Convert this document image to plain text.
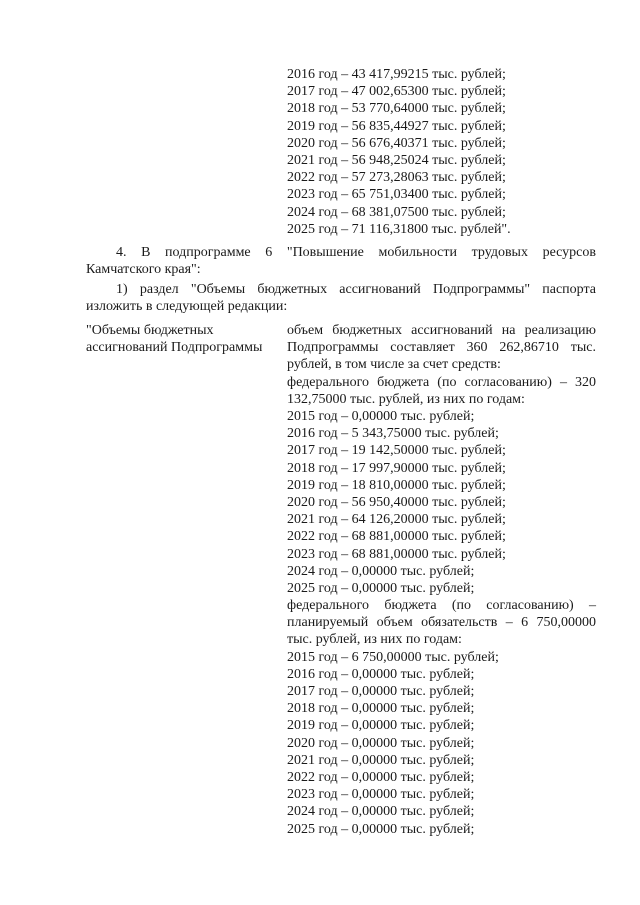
2016 год – 43 417,99215 тыс. рублей;
2017 год – 47 002,65300 тыс. рублей;
2018 год – 53 770,64000 тыс. рублей;
2019 год – 56 835,44927 тыс. рублей;
2020 год – 56 676,40371 тыс. рублей;
2021 год – 56 948,25024 тыс. рублей;
2022 год – 57 273,28063 тыс. рублей;
2023 год – 65 751,03400 тыс. рублей;
2024 год – 68 381,07500 тыс. рублей;
2025 год – 71 116,31800 тыс. рублей".
4. В подпрограмме 6 "Повышение мобильности трудовых ресурсов Камчатского края":
1) раздел "Объемы бюджетных ассигнований Подпрограммы" паспорта изложить в следующей редакции:
"Объемы бюджетных ассигнований Подпрограммы
объем бюджетных ассигнований на реализацию Подпрограммы составляет 360 262,86710 тыс. рублей, в том числе за счет средств:
федерального бюджета (по согласованию) – 320 132,75000 тыс. рублей, из них по годам:
2015 год – 0,00000 тыс. рублей;
2016 год – 5 343,75000 тыс. рублей;
2017 год – 19 142,50000 тыс. рублей;
2018 год – 17 997,90000 тыс. рублей;
2019 год – 18 810,00000 тыс. рублей;
2020 год – 56 950,40000 тыс. рублей;
2021 год – 64 126,20000 тыс. рублей;
2022 год – 68 881,00000 тыс. рублей;
2023 год – 68 881,00000 тыс. рублей;
2024 год – 0,00000 тыс. рублей;
2025 год – 0,00000 тыс. рублей;
федерального бюджета (по согласованию) – планируемый объем обязательств – 6 750,00000 тыс. рублей, из них по годам:
2015 год – 6 750,00000 тыс. рублей;
2016 год – 0,00000 тыс. рублей;
2017 год – 0,00000 тыс. рублей;
2018 год – 0,00000 тыс. рублей;
2019 год – 0,00000 тыс. рублей;
2020 год – 0,00000 тыс. рублей;
2021 год – 0,00000 тыс. рублей;
2022 год – 0,00000 тыс. рублей;
2023 год – 0,00000 тыс. рублей;
2024 год – 0,00000 тыс. рублей;
2025 год – 0,00000 тыс. рублей;
